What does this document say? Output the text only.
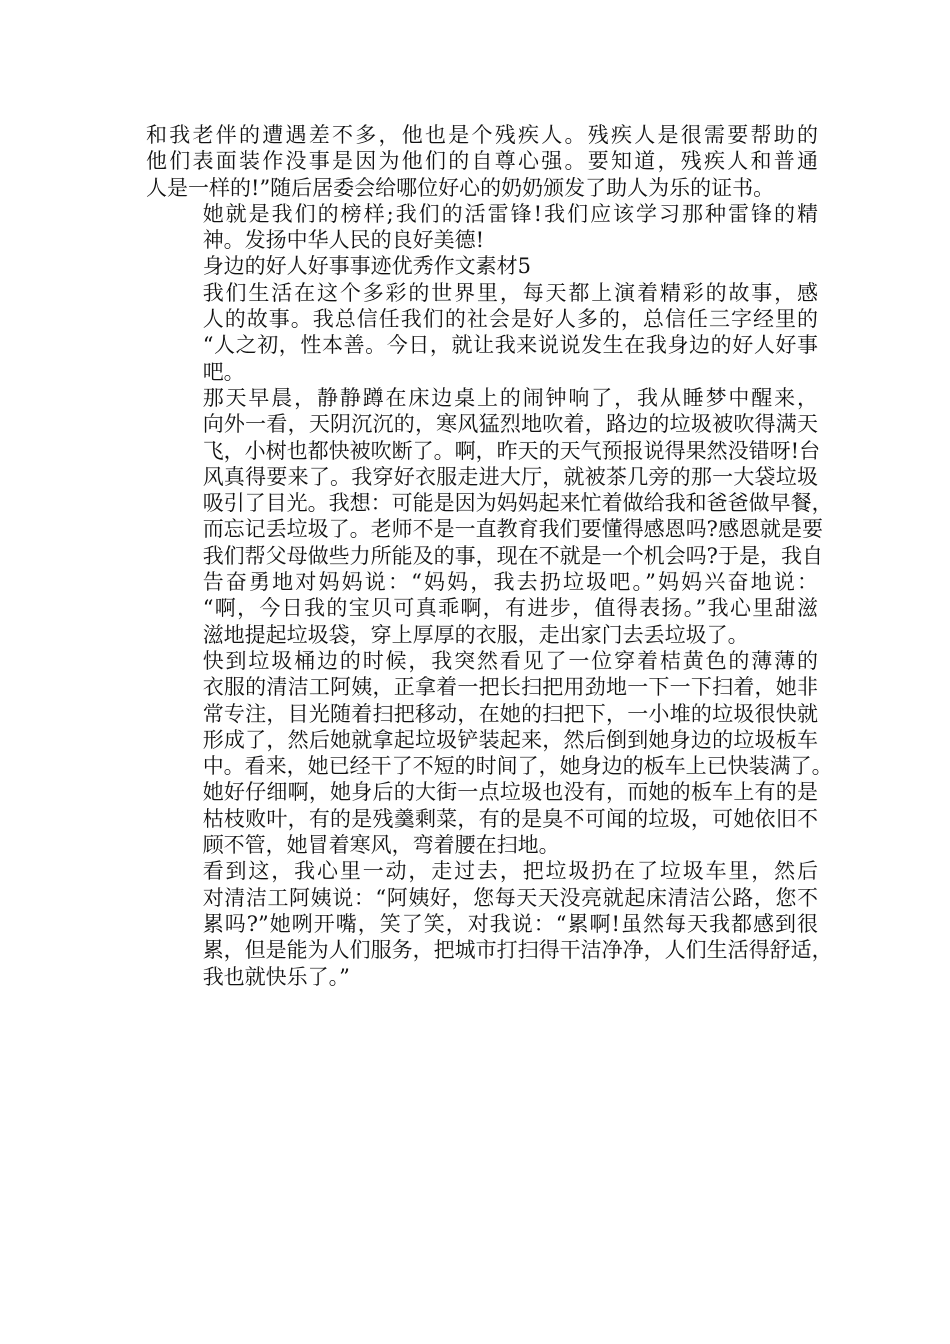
和我老伴的遭遇差不多，他也是个残疾人。残疾人是很需要帮助的
他们表面装作没事是因为他们的自尊心强。要知道，残疾人和普通
人是一样的!”随后居委会给哪位好心的奶奶颁发了助人为乐的证书。
她就是我们的榜样;我们的活雷锋!我们应该学习那种雷锋的精
神。发扬中华人民的良好美德!
身边的好人好事事迹优秀作文素材5
我们生活在这个多彩的世界里，每天都上演着精彩的故事，感
人的故事。我总信任我们的社会是好人多的，总信任三字经里的
“人之初，性本善。今日，就让我来说说发生在我身边的好人好事
吧。
那天早晨，静静蹲在床边桌上的闹钟响了，我从睡梦中醒来，
向外一看，天阴沉沉的，寒风猛烈地吹着，路边的垃圾被吹得满天
飞，小树也都快被吹断了。啊，昨天的天气预报说得果然没错呀!台
风真得要来了。我穿好衣服走进大厅，就被茶几旁的那一大袋垃圾
吸引了目光。我想：可能是因为妈妈起来忙着做给我和爸爸做早餐，
而忘记丢垃圾了。老师不是一直教育我们要懂得感恩吗?感恩就是要
我们帮父母做些力所能及的事，现在不就是一个机会吗?于是，我自
告奋勇地对妈妈说：“妈妈，我去扔垃圾吧。”妈妈兴奋地说：
“啊，今日我的宝贝可真乖啊，有进步，值得表扬。”我心里甜滋
滋地提起垃圾袋，穿上厚厚的衣服，走出家门去丢垃圾了。
快到垃圾桶边的时候，我突然看见了一位穿着桔黄色的薄薄的
衣服的清洁工阿姨，正拿着一把长扫把用劲地一下一下扫着，她非
常专注，目光随着扫把移动，在她的扫把下，一小堆的垃圾很快就
形成了，然后她就拿起垃圾铲装起来，然后倒到她身边的垃圾板车
中。看来，她已经干了不短的时间了，她身边的板车上已快装满了。
她好仔细啊，她身后的大街一点垃圾也没有，而她的板车上有的是
枯枝败叶，有的是残羹剩菜，有的是臭不可闻的垃圾，可她依旧不
顾不管，她冒着寒风，弯着腰在扫地。
看到这，我心里一动，走过去，把垃圾扔在了垃圾车里，然后
对清洁工阿姨说：“阿姨好，您每天天没亮就起床清洁公路，您不
累吗?”她咧开嘴，笑了笑，对我说：“累啊!虽然每天我都感到很
累，但是能为人们服务，把城市打扫得干洁净净，人们生活得舒适，
我也就快乐了。”
